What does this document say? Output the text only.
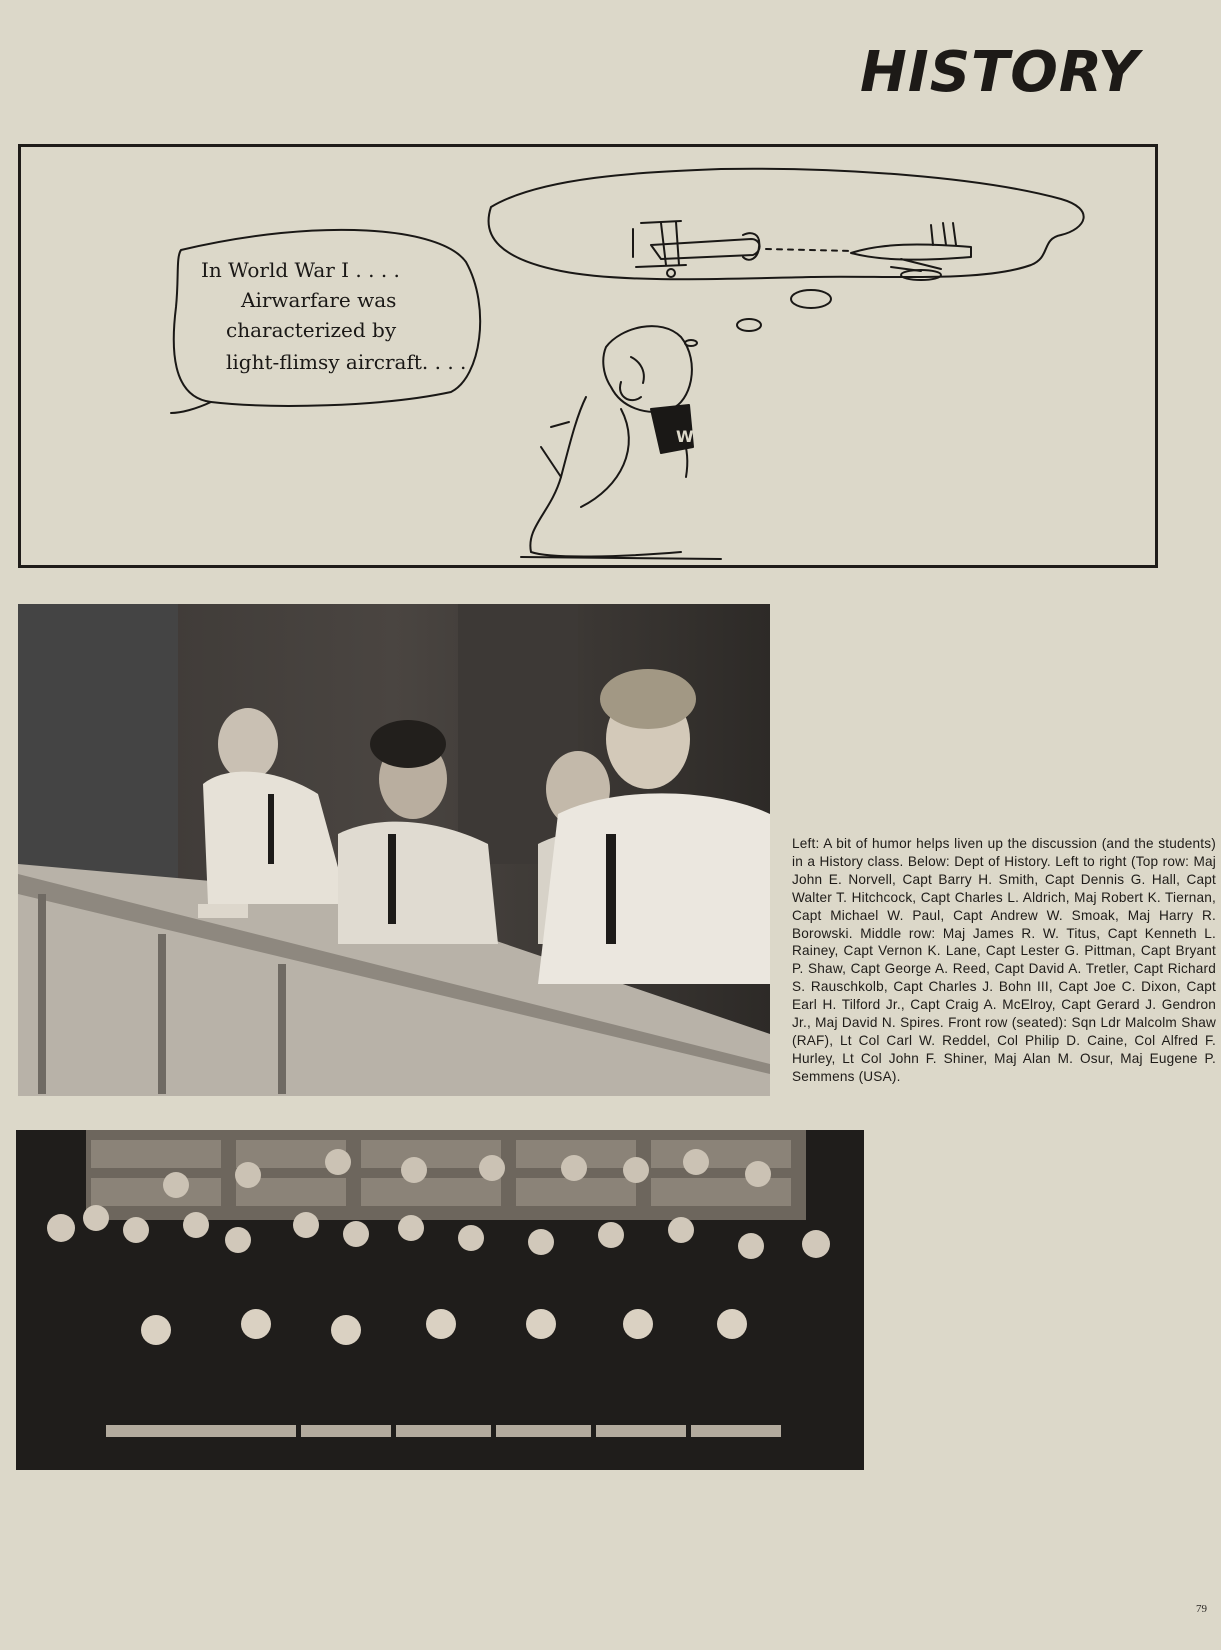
HISTORY
W
In World War I . . . .
Airwarfare was
characterized by
light-flimsy aircraft. . . .
Left: A bit of humor helps liven up the discussion (and the students) in a History class. Below: Dept of History. Left to right (Top row: Maj John E. Norvell, Capt Barry H. Smith, Capt Dennis G. Hall, Capt Walter T. Hitchcock, Capt Charles L. Aldrich, Maj Robert K. Tiernan, Capt Michael W. Paul, Capt Andrew W. Smoak, Maj Harry R. Borowski. Middle row: Maj James R. W. Titus, Capt Kenneth L. Rainey, Capt Vernon K. Lane, Capt Lester G. Pittman, Capt Bryant P. Shaw, Capt George A. Reed, Capt David A. Tretler, Capt Richard S. Rauschkolb, Capt Charles J. Bohn III, Capt Joe C. Dixon, Capt Earl H. Tilford Jr., Capt Craig A. McElroy, Capt Gerard J. Gendron Jr., Maj David N. Spires. Front row (seated): Sqn Ldr Malcolm Shaw (RAF), Lt Col Carl W. Reddel, Col Philip D. Caine, Col Alfred F. Hurley, Lt Col John F. Shiner, Maj Alan M. Osur, Maj Eugene P. Semmens (USA).
79
